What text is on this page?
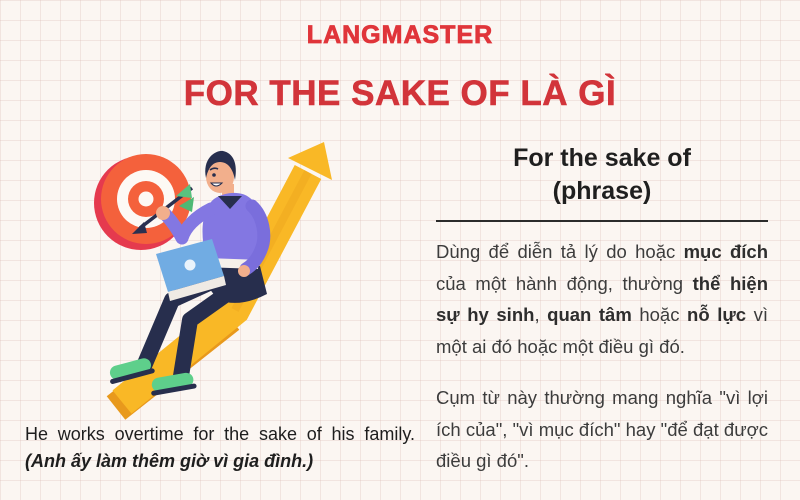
LANGMASTER
FOR THE SAKE OF LÀ GÌ

He works overtime for the sake of his family. (Anh ấy làm thêm giờ vì gia đình.)

For the sake of
(phrase)

Dùng để diễn tả lý do hoặc mục đích của một hành động, thường thể hiện sự hy sinh, quan tâm hoặc nỗ lực vì một ai đó hoặc một điều gì đó.

Cụm từ này thường mang nghĩa "vì lợi ích của", "vì mục đích" hay "để đạt được điều gì đó".
